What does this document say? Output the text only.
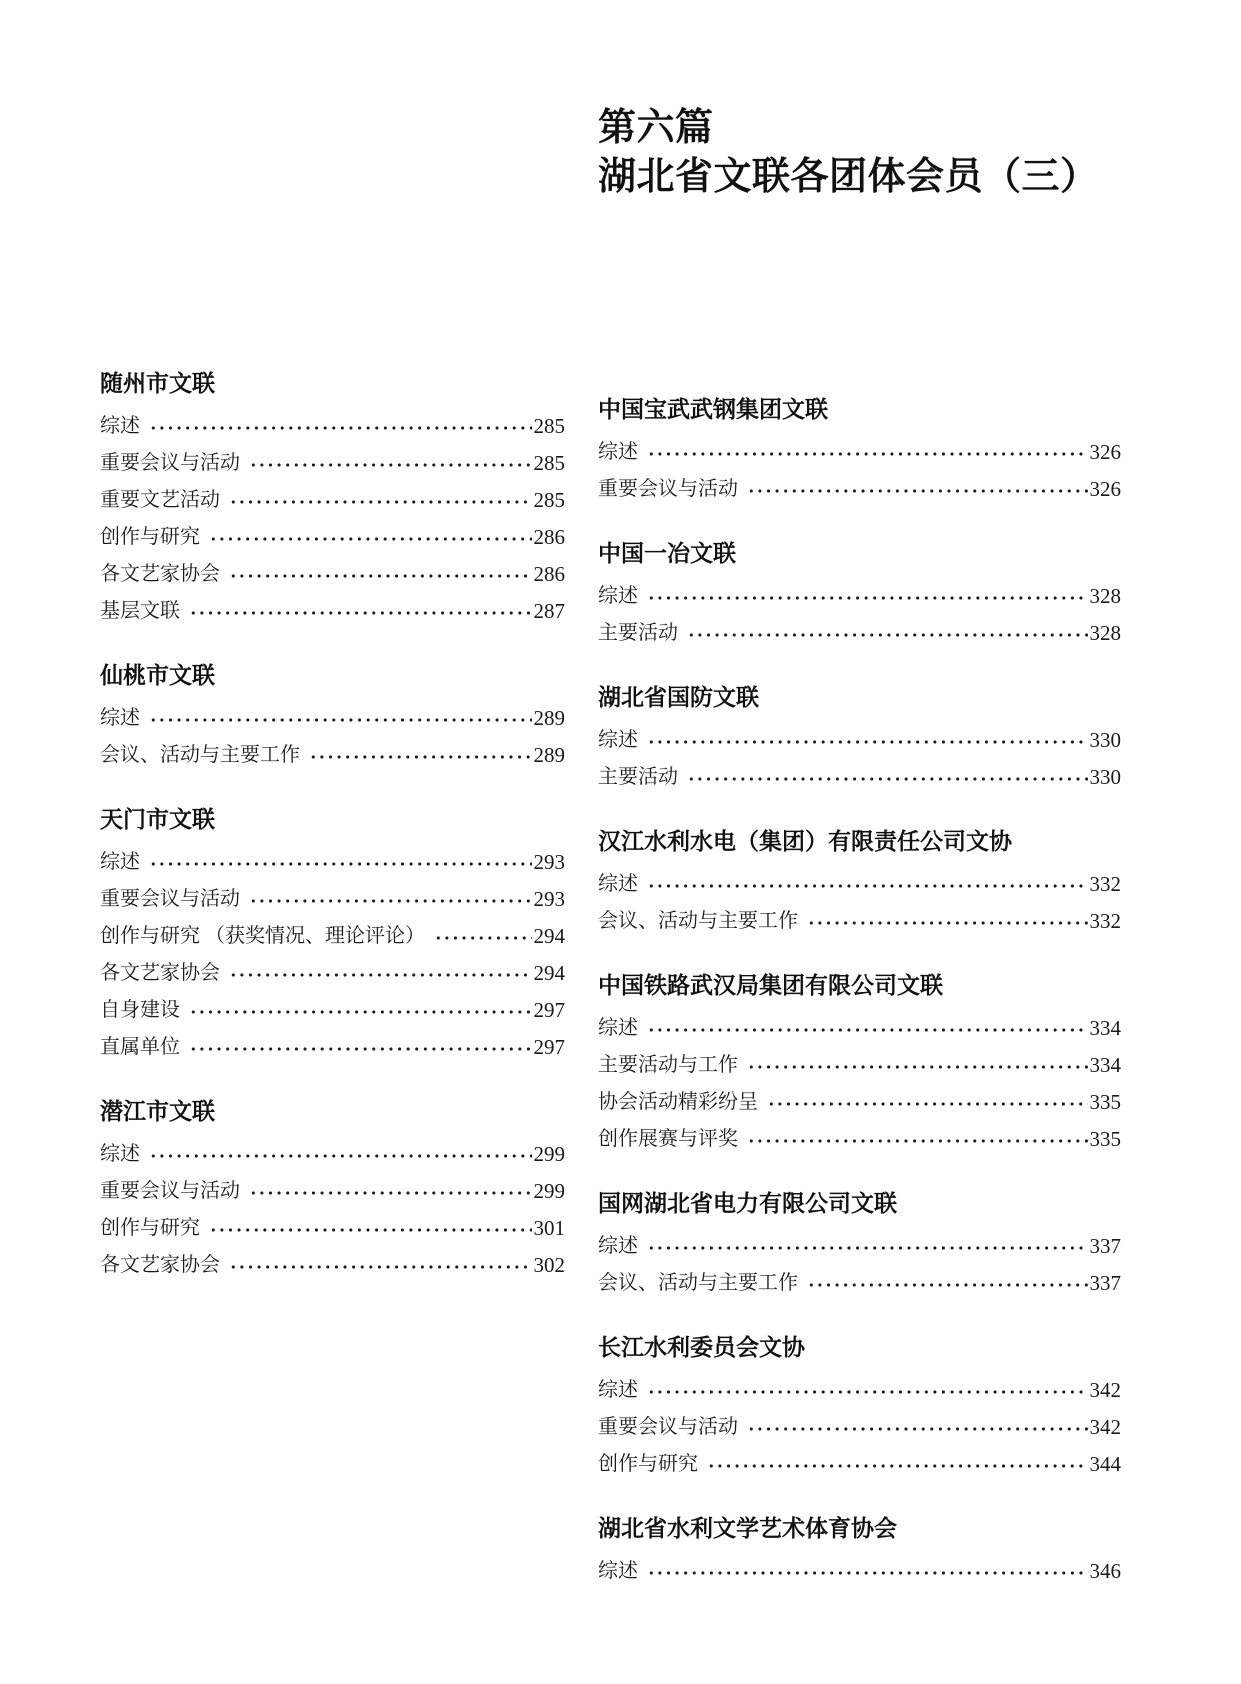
第六篇
湖北省文联各团体会员（三）
随州市文联
综述	285
重要会议与活动	285
重要文艺活动	285
创作与研究	286
各文艺家协会	286
基层文联	287
仙桃市文联
综述	289
会议、活动与主要工作	289
天门市文联
综述	293
重要会议与活动	293
创作与研究 （获奖情况、理论评论）	294
各文艺家协会	294
自身建设	297
直属单位	297
潜江市文联
综述	299
重要会议与活动	299
创作与研究	301
各文艺家协会	302
中国宝武武钢集团文联
综述	326
重要会议与活动	326
中国一冶文联
综述	328
主要活动	328
湖北省国防文联
综述	330
主要活动	330
汉江水利水电（集团）有限责任公司文协
综述	332
会议、活动与主要工作	332
中国铁路武汉局集团有限公司文联
综述	334
主要活动与工作	334
协会活动精彩纷呈	335
创作展赛与评奖	335
国网湖北省电力有限公司文联
综述	337
会议、活动与主要工作	337
长江水利委员会文协
综述	342
重要会议与活动	342
创作与研究	344
湖北省水利文学艺术体育协会
综述	346
